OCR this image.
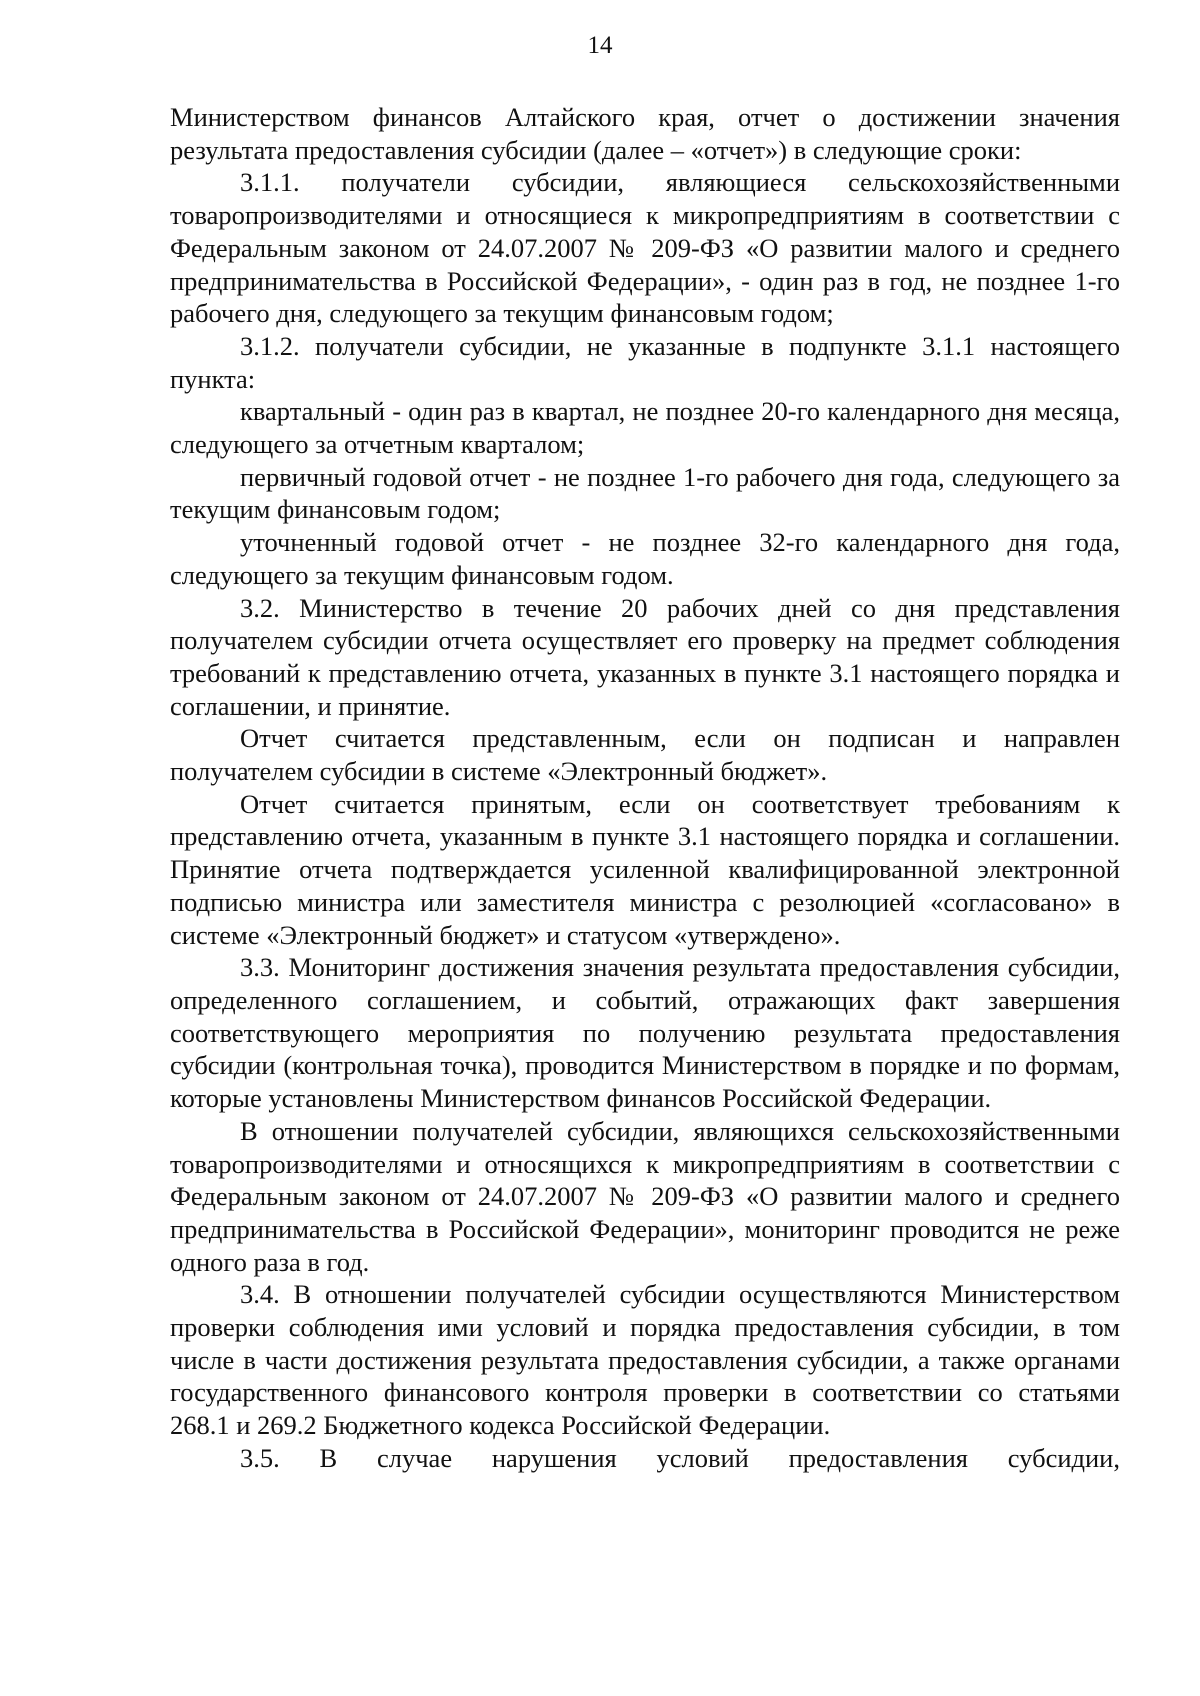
14

Министерством финансов Алтайского края, отчет о достижении значения результата предоставления субсидии (далее – «отчет») в следующие сроки:

3.1.1. получатели субсидии, являющиеся сельскохозяйственными товаропроизводителями и относящиеся к микропредприятиям в соответствии с Федеральным законом от 24.07.2007 № 209-ФЗ «О развитии малого и среднего предпринимательства в Российской Федерации», - один раз в год, не позднее 1-го рабочего дня, следующего за текущим финансовым годом;

3.1.2. получатели субсидии, не указанные в подпункте 3.1.1 настоящего пункта:

квартальный - один раз в квартал, не позднее 20-го календарного дня месяца, следующего за отчетным кварталом;

первичный годовой отчет - не позднее 1-го рабочего дня года, следующего за текущим финансовым годом;

уточненный годовой отчет - не позднее 32-го календарного дня года, следующего за текущим финансовым годом.

3.2. Министерство в течение 20 рабочих дней со дня представления получателем субсидии отчета осуществляет его проверку на предмет соблюдения требований к представлению отчета, указанных в пункте 3.1 настоящего порядка и соглашении, и принятие.

Отчет считается представленным, если он подписан и направлен получателем субсидии в системе «Электронный бюджет».

Отчет считается принятым, если он соответствует требованиям к представлению отчета, указанным в пункте 3.1 настоящего порядка и соглашении. Принятие отчета подтверждается усиленной квалифицированной электронной подписью министра или заместителя министра с резолюцией «согласовано» в системе «Электронный бюджет» и статусом «утверждено».

3.3. Мониторинг достижения значения результата предоставления субсидии, определенного соглашением, и событий, отражающих факт завершения соответствующего мероприятия по получению результата предоставления субсидии (контрольная точка), проводится Министерством в порядке и по формам, которые установлены Министерством финансов Российской Федерации.

В отношении получателей субсидии, являющихся сельскохозяйственными товаропроизводителями и относящихся к микропредприятиям в соответствии с Федеральным законом от 24.07.2007 № 209-ФЗ «О развитии малого и среднего предпринимательства в Российской Федерации», мониторинг проводится не реже одного раза в год.

3.4. В отношении получателей субсидии осуществляются Министерством проверки соблюдения ими условий и порядка предоставления субсидии, в том числе в части достижения результата предоставления субсидии, а также органами государственного финансового контроля проверки в соответствии со статьями 268.1 и 269.2 Бюджетного кодекса Российской Федерации.

3.5. В случае нарушения условий предоставления субсидии,
